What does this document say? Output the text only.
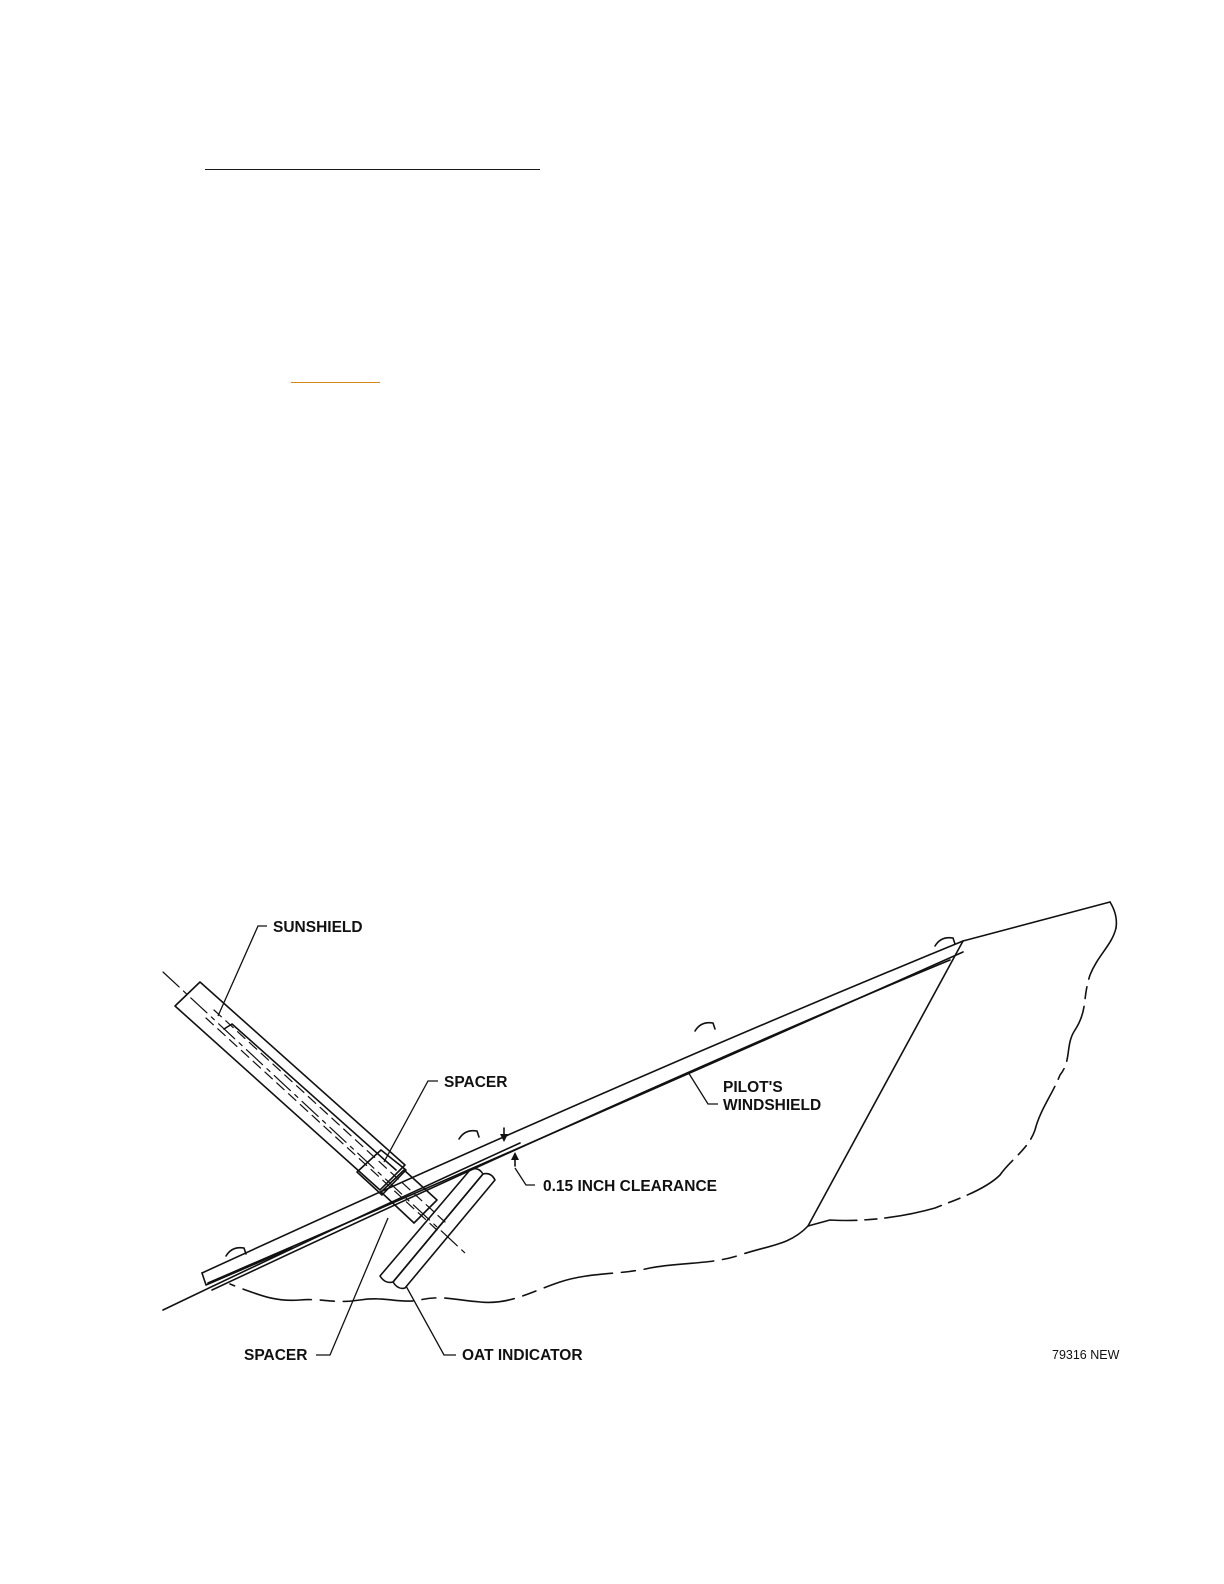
SUNSHIELD
SPACER	PILOT'S
WINDSHIELD
0.15 INCH CLEARANCE
SPACER	OAT INDICATOR	79316 NEW
